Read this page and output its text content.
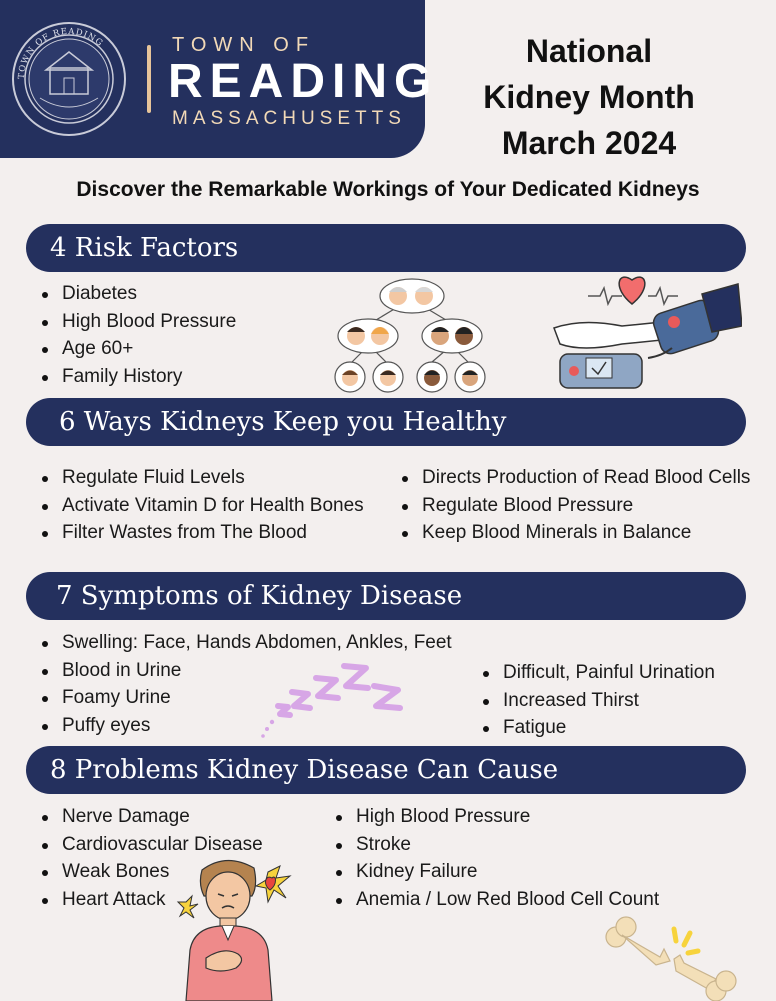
TOWN OF READING	TOWN OF
READING
MASSACHUSETTS
National
Kidney Month
March 2024
Discover the Remarkable Workings of Your Dedicated Kidneys
4 Risk Factors
Diabetes
High Blood Pressure
Age 60+
Family History
6 Ways Kidneys Keep you Healthy
Regulate Fluid Levels
Activate Vitamin D for Health Bones
Filter Wastes from The Blood
Directs Production of Read Blood Cells
Regulate Blood Pressure
Keep Blood Minerals in Balance
7 Symptoms of Kidney Disease
Swelling: Face, Hands Abdomen, Ankles, Feet
Blood in Urine
Foamy Urine
Puffy eyes
Difficult, Painful Urination
Increased Thirst
Fatigue
8 Problems Kidney Disease Can Cause
Nerve Damage
Cardiovascular Disease
Weak Bones
Heart Attack
High Blood Pressure
Stroke
Kidney Failure
Anemia / Low Red Blood Cell Count
